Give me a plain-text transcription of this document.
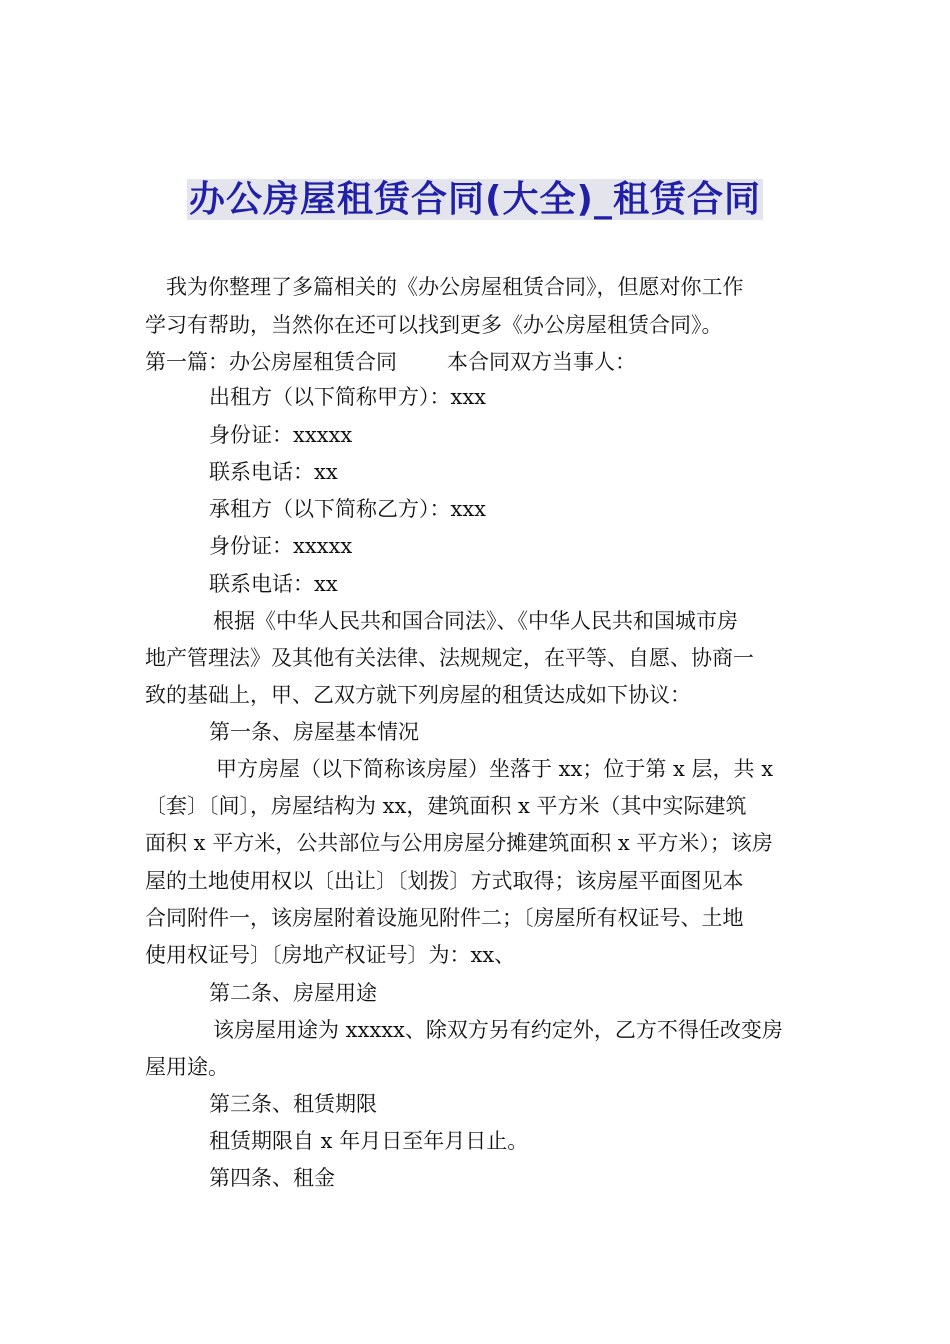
办公房屋租赁合同(大全)_租赁合同

我为你整理了多篇相关的《办公房屋租赁合同》，但愿对你工作

学习有帮助，当然你在还可以找到更多《办公房屋租赁合同》。

第一篇：办公房屋租赁合同 本合同双方当事人：

出租方（以下简称甲方）：xxx

身份证：xxxxx

联系电话：xx

承租方（以下简称乙方）：xxx

身份证：xxxxx

联系电话：xx

根据《中华人民共和国合同法》、《中华人民共和国城市房

地产管理法》及其他有关法律、法规规定，在平等、自愿、协商一

致的基础上，甲、乙双方就下列房屋的租赁达成如下协议：

第一条、房屋基本情况

甲方房屋（以下简称该房屋）坐落于 xx；位于第 x 层，共 x

〔套〕〔间〕，房屋结构为 xx，建筑面积 x 平方米（其中实际建筑

面积 x 平方米，公共部位与公用房屋分摊建筑面积 x 平方米）；该房

屋的土地使用权以〔出让〕〔划拨〕方式取得；该房屋平面图见本

合同附件一，该房屋附着设施见附件二；〔房屋所有权证号、土地

使用权证号〕〔房地产权证号〕为：xx、

第二条、房屋用途

该房屋用途为 xxxxx、除双方另有约定外，乙方不得任改变房

屋用途。

第三条、租赁期限

租赁期限自 x 年月日至年月日止。

第四条、租金
